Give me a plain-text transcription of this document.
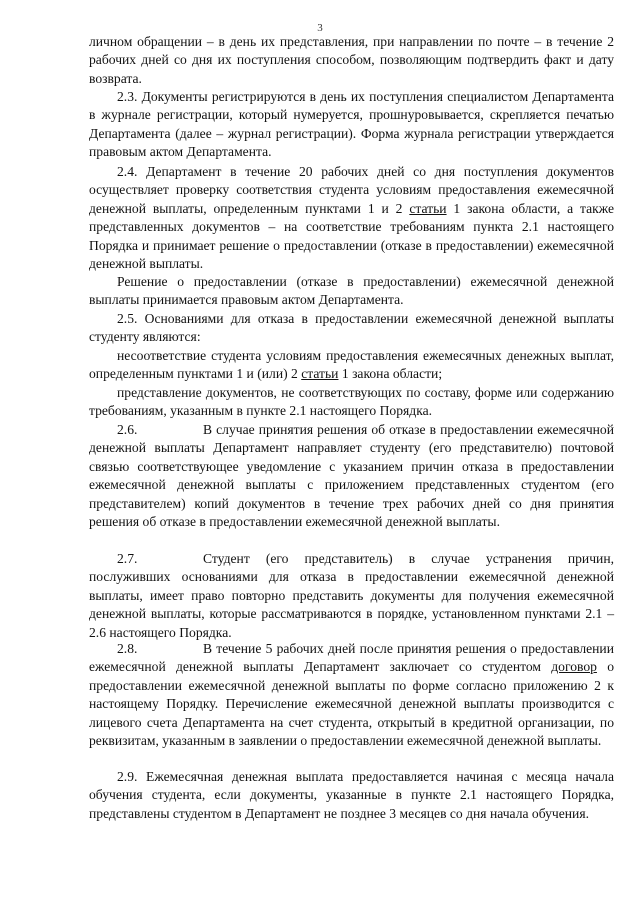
3

личном обращении – в день их представления, при направлении по почте – в течение 2 рабочих дней со дня их поступления способом, позволяющим подтвердить факт и дату возврата.

2.3. Документы регистрируются в день их поступления специалистом Департамента в журнале регистрации, который нумеруется, прошнуровывается, скрепляется печатью Департамента (далее – журнал регистрации). Форма журнала регистрации утверждается правовым актом Департамента.

2.4. Департамент в течение 20 рабочих дней со дня поступления документов осуществляет проверку соответствия студента условиям предоставления ежемесячной денежной выплаты, определенным пунктами 1 и 2 статьи 1 закона области, а также представленных документов – на соответствие требованиям пункта 2.1 настоящего Порядка и принимает решение о предоставлении (отказе в предоставлении) ежемесячной денежной выплаты.

Решение о предоставлении (отказе в предоставлении) ежемесячной денежной выплаты принимается правовым актом Департамента.

2.5. Основаниями для отказа в предоставлении ежемесячной денежной выплаты студенту являются:

несоответствие студента условиям предоставления ежемесячных денежных выплат, определенным пунктами 1 и (или) 2 статьи 1 закона области;

представление документов, не соответствующих по составу, форме или содержанию требованиям, указанным в пункте 2.1 настоящего Порядка.

2.6.	В случае принятия решения об отказе в предоставлении ежемесячной денежной выплаты Департамент направляет студенту (его представителю) почтовой связью соответствующее уведомление с указанием причин отказа в предоставлении ежемесячной денежной выплаты с приложением представленных студентом (его представителем) копий документов в течение трех рабочих дней со дня принятия решения об отказе в предоставлении ежемесячной денежной выплаты.

2.7.	Студент (его представитель) в случае устранения причин, послуживших основаниями для отказа в предоставлении ежемесячной денежной выплаты, имеет право повторно представить документы для получения ежемесячной денежной выплаты, которые рассматриваются в порядке, установленном пунктами 2.1 – 2.6 настоящего Порядка.

2.8.	В течение 5 рабочих дней после принятия решения о предоставлении ежемесячной денежной выплаты Департамент заключает со студентом договор о предоставлении ежемесячной денежной выплаты по форме согласно приложению 2 к настоящему Порядку. Перечисление ежемесячной денежной выплаты производится с лицевого счета Департамента на счет студента, открытый в кредитной организации, по реквизитам, указанным в заявлении о предоставлении ежемесячной денежной выплаты.

2.9. Ежемесячная денежная выплата предоставляется начиная с месяца начала обучения студента, если документы, указанные в пункте 2.1 настоящего Порядка, представлены студентом в Департамент не позднее 3 месяцев со дня начала обучения.
